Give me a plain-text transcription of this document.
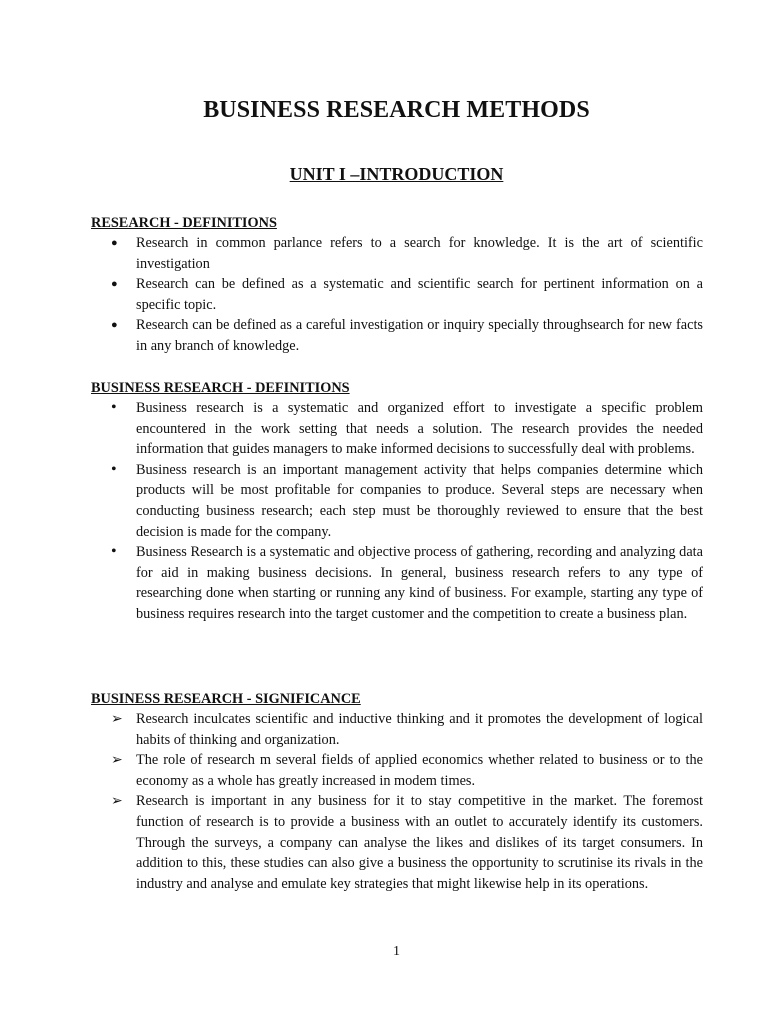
BUSINESS RESEARCH METHODS
UNIT I –INTRODUCTION
RESEARCH - DEFINITIONS
●
Research in common parlance refers to a search for knowledge. It is the art of scientific investigation
●
Research can be defined as a systematic and scientific search for pertinent information on a specific topic.
●
Research can be defined as a careful investigation or inquiry specially throughsearch for new facts in any branch of knowledge.
BUSINESS RESEARCH - DEFINITIONS
•
Business research is a systematic and organized effort to investigate a specific problem encountered in the work setting that needs a solution. The research provides the needed information that guides managers to make informed decisions to successfully deal with problems.
•
Business research is an important management activity that helps companies determine which products will be most profitable for companies to produce. Several steps are necessary when conducting business research; each step must be thoroughly reviewed to ensure that the best decision is made for the company.
•
Business Research is a systematic and objective process of gathering, recording and analyzing data for aid in making business decisions. In general, business research refers to any type of researching done when starting or running any kind of business. For example, starting any type of business requires research into the target customer and the competition to create a business plan.
BUSINESS RESEARCH - SIGNIFICANCE
➢
Research inculcates scientific and inductive thinking and it promotes the development of logical habits of thinking and organization.
➢
The role of research m several fields of applied economics whether related to business or to the economy as a whole has greatly increased in modem times.
➢
Research is important in any business for it to stay competitive in the market. The foremost function of research is to provide a business with an outlet to accurately identify its customers. Through the surveys, a company can analyse the likes and dislikes of its target consumers. In addition to this, these studies can also give a business the opportunity to scrutinise its rivals in the industry and analyse and emulate key strategies that might likewise help in its operations.
1
